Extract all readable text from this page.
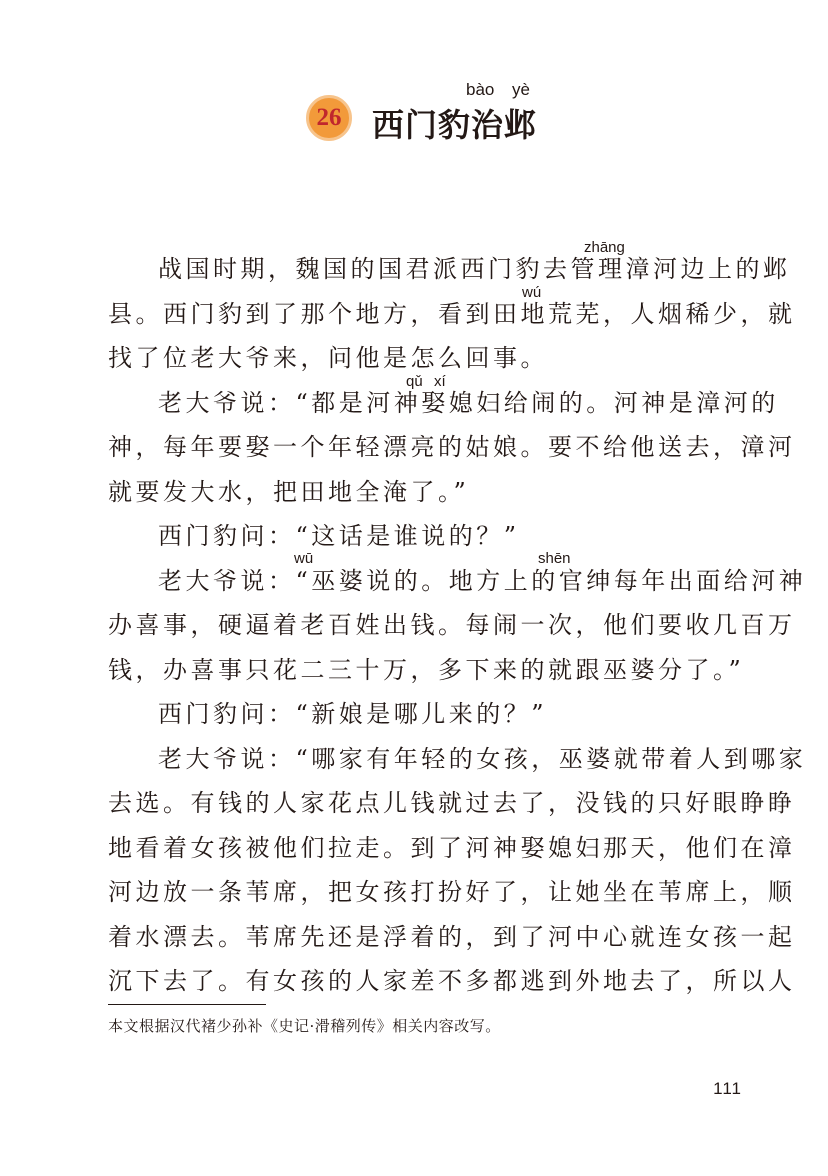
26 西门豹治邺
bào yè
战国时期，魏国的国君派西门豹去管理漳河边上的邺
县。西门豹到了那个地方，看到田地荒芜，人烟稀少，就
找了位老大爷来，问他是怎么回事。
老大爷说：“都是河神娶媳妇给闹的。河神是漳河的
神，每年要娶一个年轻漂亮的姑娘。要不给他送去，漳河
就要发大水，把田地全淹了。”
西门豹问：“这话是谁说的？”
老大爷说：“巫婆说的。地方上的官绅每年出面给河神
办喜事，硬逼着老百姓出钱。每闹一次，他们要收几百万
钱，办喜事只花二三十万，多下来的就跟巫婆分了。”
西门豹问：“新娘是哪儿来的？”
老大爷说：“哪家有年轻的女孩，巫婆就带着人到哪家
去选。有钱的人家花点儿钱就过去了，没钱的只好眼睁睁
地看着女孩被他们拉走。到了河神娶媳妇那天，他们在漳
河边放一条苇席，把女孩打扮好了，让她坐在苇席上，顺
着水漂去。苇席先还是浮着的，到了河中心就连女孩一起
沉下去了。有女孩的人家差不多都逃到外地去了，所以人
zhāng
wú
qǔ xí
wū	shēn
本文根据汉代褚少孙补《史记·滑稽列传》相关内容改写。
111
